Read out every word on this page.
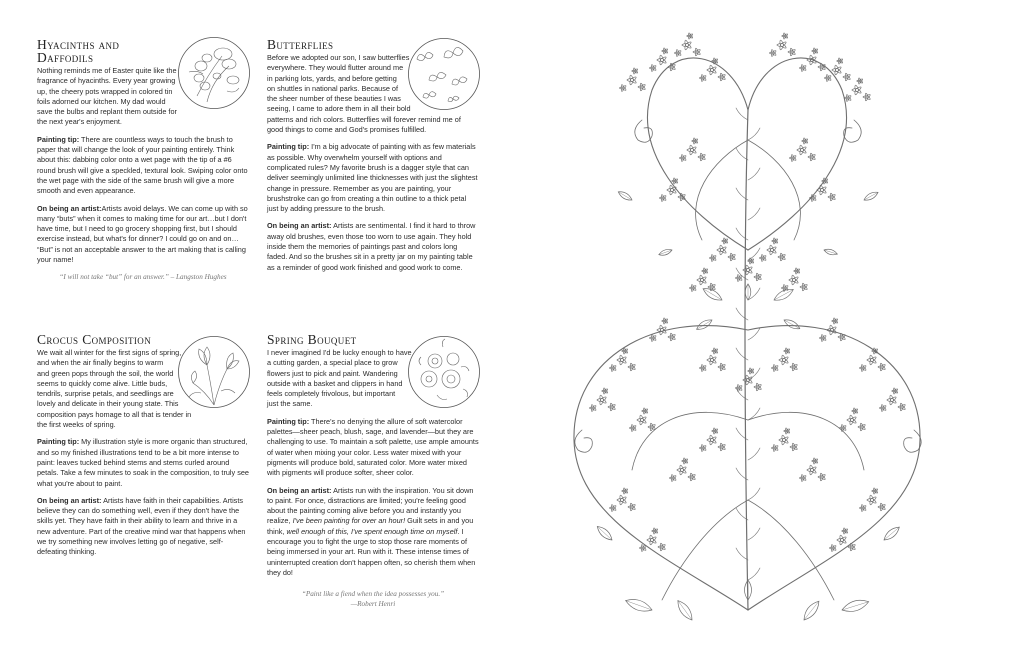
Hyacinths and Daffodils

Nothing reminds me of Easter quite like the fragrance of hyacinths. Every year growing up, the cheery pots wrapped in colored tin foils adorned our kitchen. My dad would save the bulbs and replant them outside for the next year's enjoyment.

Painting tip: There are countless ways to touch the brush to paper that will change the look of your painting entirely. Think about this: dabbing color onto a wet page with the tip of a #6 round brush will give a speckled, textural look. Swiping color onto the wet page with the side of the same brush will give a more smooth and even appearance.

On being an artist:Artists avoid delays. We can come up with so many “buts” when it comes to making time for our art…but I don't have time, but I need to go grocery shopping first, but I should exercise instead, but what's for dinner? I could go on and on… “But” is not an acceptable answer to the art making that is calling your name!

“I will not take “but” for an answer.” – Langston Hughes
Butterflies

Before we adopted our son, I saw butterflies everywhere. They would flutter around me in parking lots, yards, and before getting on shuttles in national parks. Because of the sheer number of these beauties I was seeing, I came to adore them in all their bold patterns and rich colors. Butterflies will forever remind me of good things to come and God's promises fulfilled.

Painting tip: I'm a big advocate of painting with as few materials as possible. Why overwhelm yourself with options and complicated rules? My favorite brush is a dagger style that can deliver seemingly unlimited line thicknesses with just the slightest change in pressure. Remember as you are painting, your brushstroke can go from creating a thin outline to a thick petal just by adding pressure to the brush.

On being an artist: Artists are sentimental. I find it hard to throw away old brushes, even those too worn to use again. They hold inside them the memories of paintings past and colors long faded. And so the brushes sit in a pretty jar on my painting table as a reminder of good work finished and good work to come.

Crocus Composition

We wait all winter for the first signs of spring, and when the air finally begins to warm and green pops through the soil, the world seems to quickly come alive. Little buds, tendrils, surprise petals, and seedlings are lovely and delicate in their young state. This composition pays homage to all that is tender in the first weeks of spring.

Painting tip: My illustration style is more organic than structured, and so my finished illustrations tend to be a bit more intense to paint: leaves tucked behind stems and stems curled around petals. Take a few minutes to soak in the composition, to truly see what you're about to paint.

On being an artist: Artists have faith in their capabilities. Artists believe they can do something well, even if they don't have the skills yet. They have faith in their ability to learn and thrive in a new adventure. Part of the creative mind war that happens when we try something new involves letting go of negative, self- defeating thinking.

Spring Bouquet

I never imagined I'd be lucky enough to have a cutting garden, a special place to grow flowers just to pick and paint. Wandering outside with a basket and clippers in hand feels completely frivolous, but important just the same.

Painting tip: There's no denying the allure of soft watercolor palettes—sheer peach, blush, sage, and lavender—but they are challenging to use. To maintain a soft palette, use ample amounts of water when mixing your color. Less water mixed with your pigments will produce bold, saturated color. More water mixed with pigments will produce softer, sheer color.

On being an artist: Artists run with the inspiration. You sit down to paint. For once, distractions are limited; you're feeling good about the painting coming alive before you and instantly you realize, I've been painting for over an hour! Guilt sets in and you think, well enough of this, I've spent enough time on myself. I encourage you to fight the urge to stop those rare moments of being immersed in your art. Run with it. These intense times of uninterrupted creation don't happen often, so cherish them when they do!

“Paint like a fiend when the idea possesses you.”
—Robert Henri
